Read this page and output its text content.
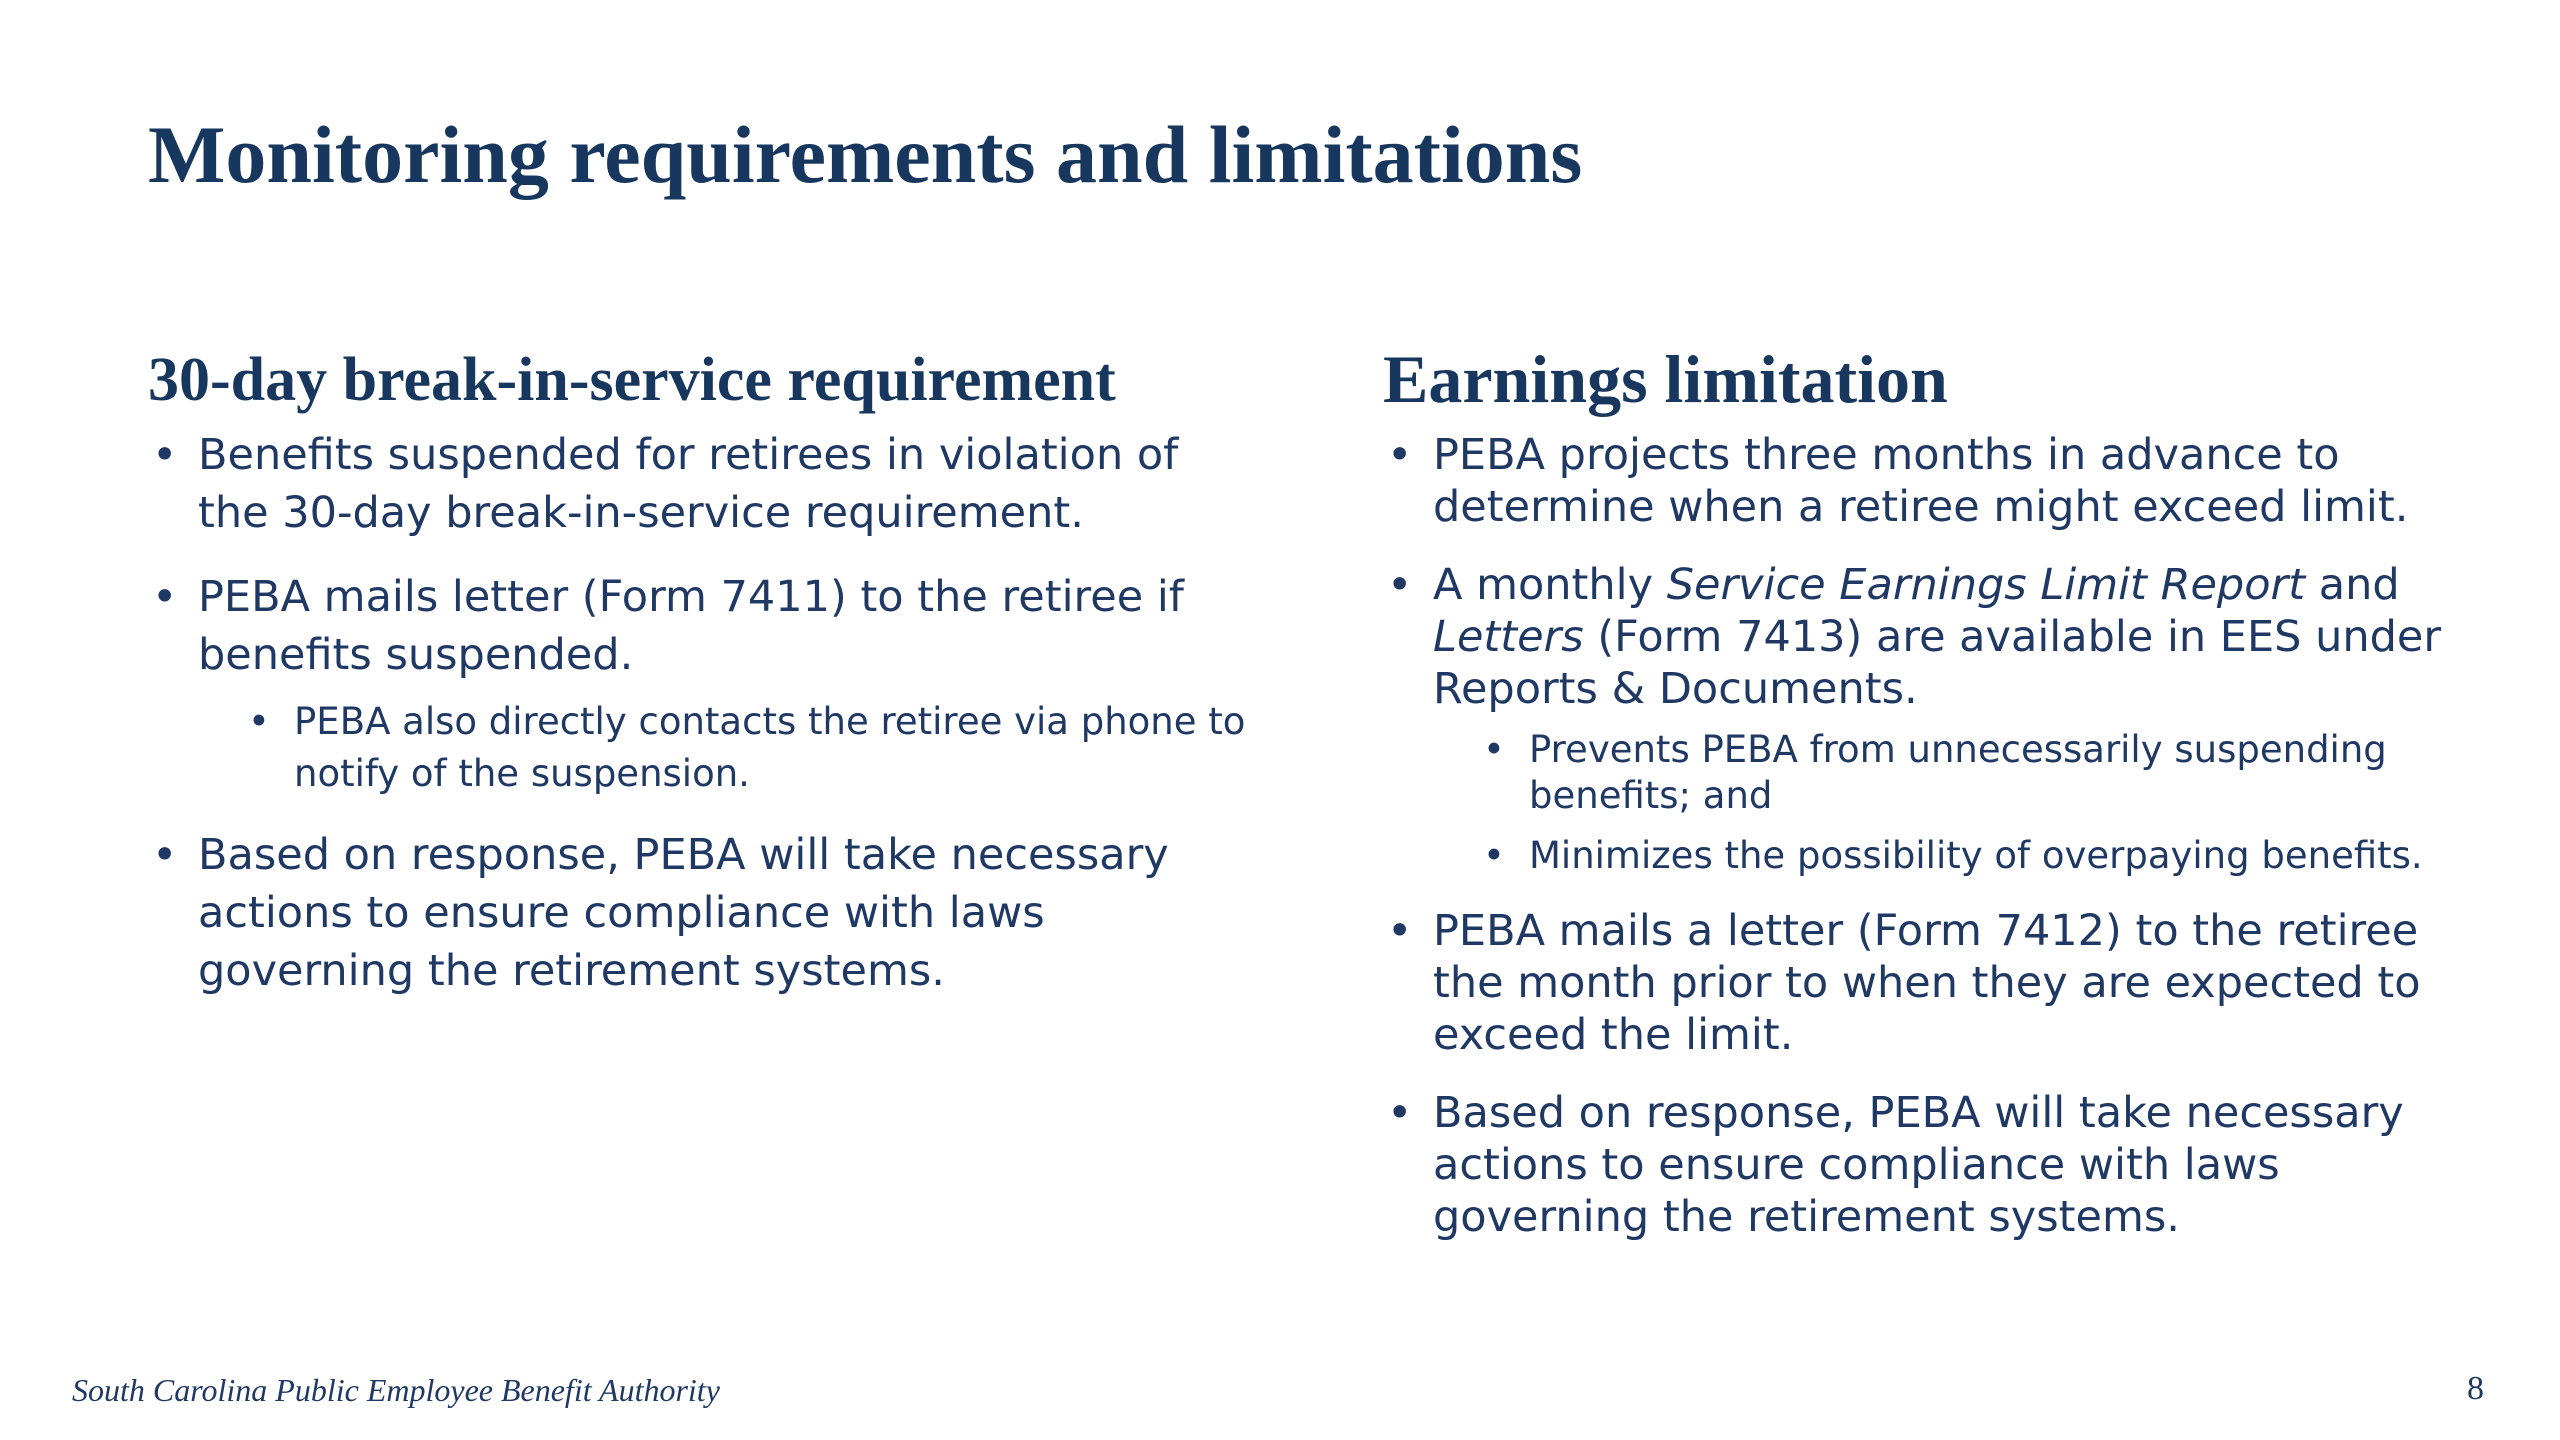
Monitoring requirements and limitations
30-day break-in-service requirement
• Benefits suspended for retirees in violation of the 30-day break-in-service requirement.
• PEBA mails letter (Form 7411) to the retiree if benefits suspended.
• PEBA also directly contacts the retiree via phone to notify of the suspension.
• Based on response, PEBA will take necessary actions to ensure compliance with laws governing the retirement systems.
Earnings limitation
• PEBA projects three months in advance to determine when a retiree might exceed limit.
• A monthly Service Earnings Limit Report and Letters (Form 7413) are available in EES under Reports & Documents.
• Prevents PEBA from unnecessarily suspending benefits; and
• Minimizes the possibility of overpaying benefits.
• PEBA mails a letter (Form 7412) to the retiree the month prior to when they are expected to exceed the limit.
• Based on response, PEBA will take necessary actions to ensure compliance with laws governing the retirement systems.
South Carolina Public Employee Benefit Authority	8
